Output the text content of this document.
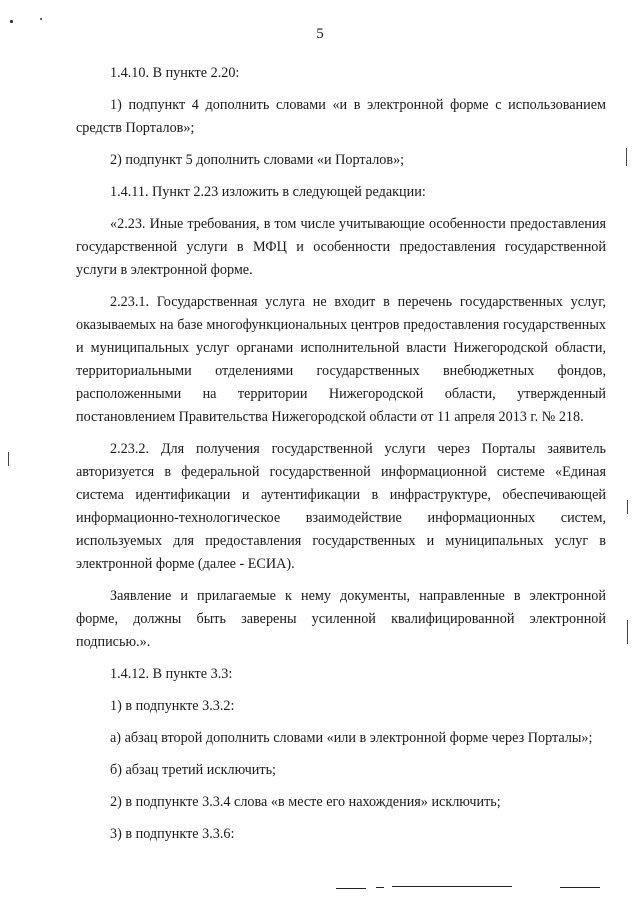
5

1.4.10. В пункте 2.20:

1) подпункт 4 дополнить словами «и в электронной форме с использованием средств Порталов»;

2) подпункт 5 дополнить словами «и Порталов»;

1.4.11. Пункт 2.23 изложить в следующей редакции:

«2.23. Иные требования, в том числе учитывающие особенности предоставления государственной услуги в МФЦ и особенности предоставления государственной услуги в электронной форме.

2.23.1. Государственная услуга не входит в перечень государственных услуг, оказываемых на базе многофункциональных центров предоставления государственных и муниципальных услуг органами исполнительной власти Нижегородской области, территориальными отделениями государственных внебюджетных фондов, расположенными на территории Нижегородской области, утвержденный постановлением Правительства Нижегородской области от 11 апреля 2013 г. № 218.

2.23.2. Для получения государственной услуги через Порталы заявитель авторизуется в федеральной государственной информационной системе «Единая система идентификации и аутентификации в инфраструктуре, обеспечивающей информационно-технологическое взаимодействие информационных систем, используемых для предоставления государственных и муниципальных услуг в электронной форме (далее - ЕСИА).

Заявление и прилагаемые к нему документы, направленные в электронной форме, должны быть заверены усиленной квалифицированной электронной подписью.».

1.4.12. В пункте 3.3:

1) в подпункте 3.3.2:

а) абзац второй дополнить словами «или в электронной форме через Порталы»;

б) абзац третий исключить;

2) в подпункте 3.3.4 слова «в месте его нахождения» исключить;

3) в подпункте 3.3.6:
